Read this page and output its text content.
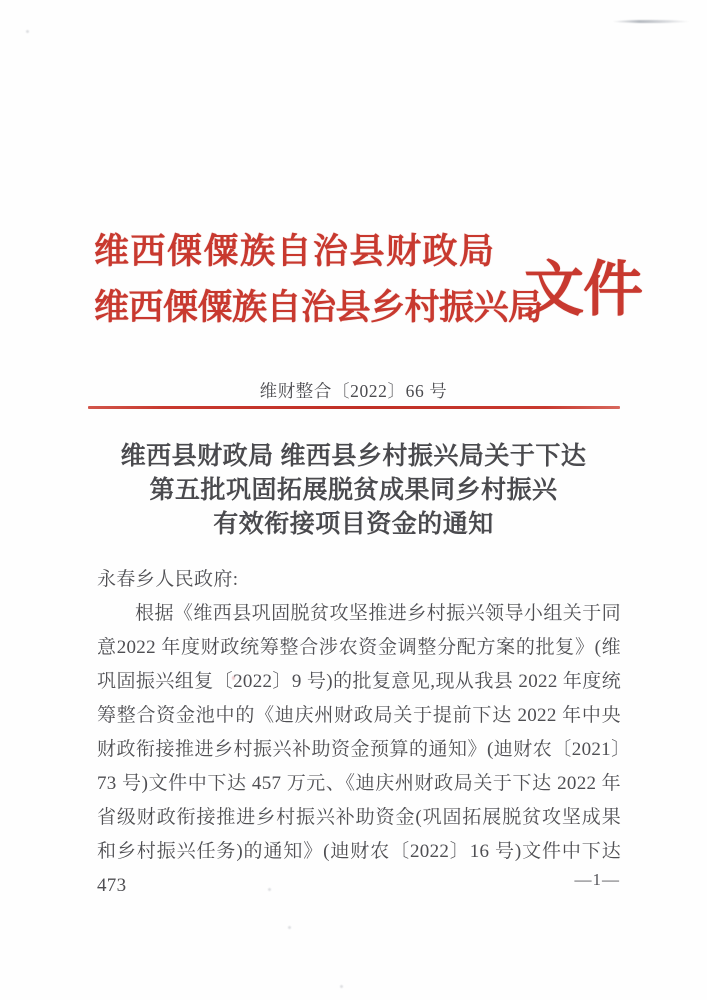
维西傈僳族自治县财政局
维西傈僳族自治县乡村振兴局
文件
维财整合〔2022〕66 号
维西县财政局 维西县乡村振兴局关于下达
第五批巩固拓展脱贫成果同乡村振兴
有效衔接项目资金的通知
永春乡人民政府:

根据《维西县巩固脱贫攻坚推进乡村振兴领导小组关于同意2022 年度财政统筹整合涉农资金调整分配方案的批复》(维巩固振兴组复〔2022〕9 号)的批复意见,现从我县 2022 年度统筹整合资金池中的《迪庆州财政局关于提前下达 2022 年中央财政衔接推进乡村振兴补助资金预算的通知》(迪财农〔2021〕73 号)文件中下达 457 万元、《迪庆州财政局关于下达 2022 年省级财政衔接推进乡村振兴补助资金(巩固拓展脱贫攻坚成果和乡村振兴任务)的通知》(迪财农〔2022〕16 号)文件中下达 473	—1—
